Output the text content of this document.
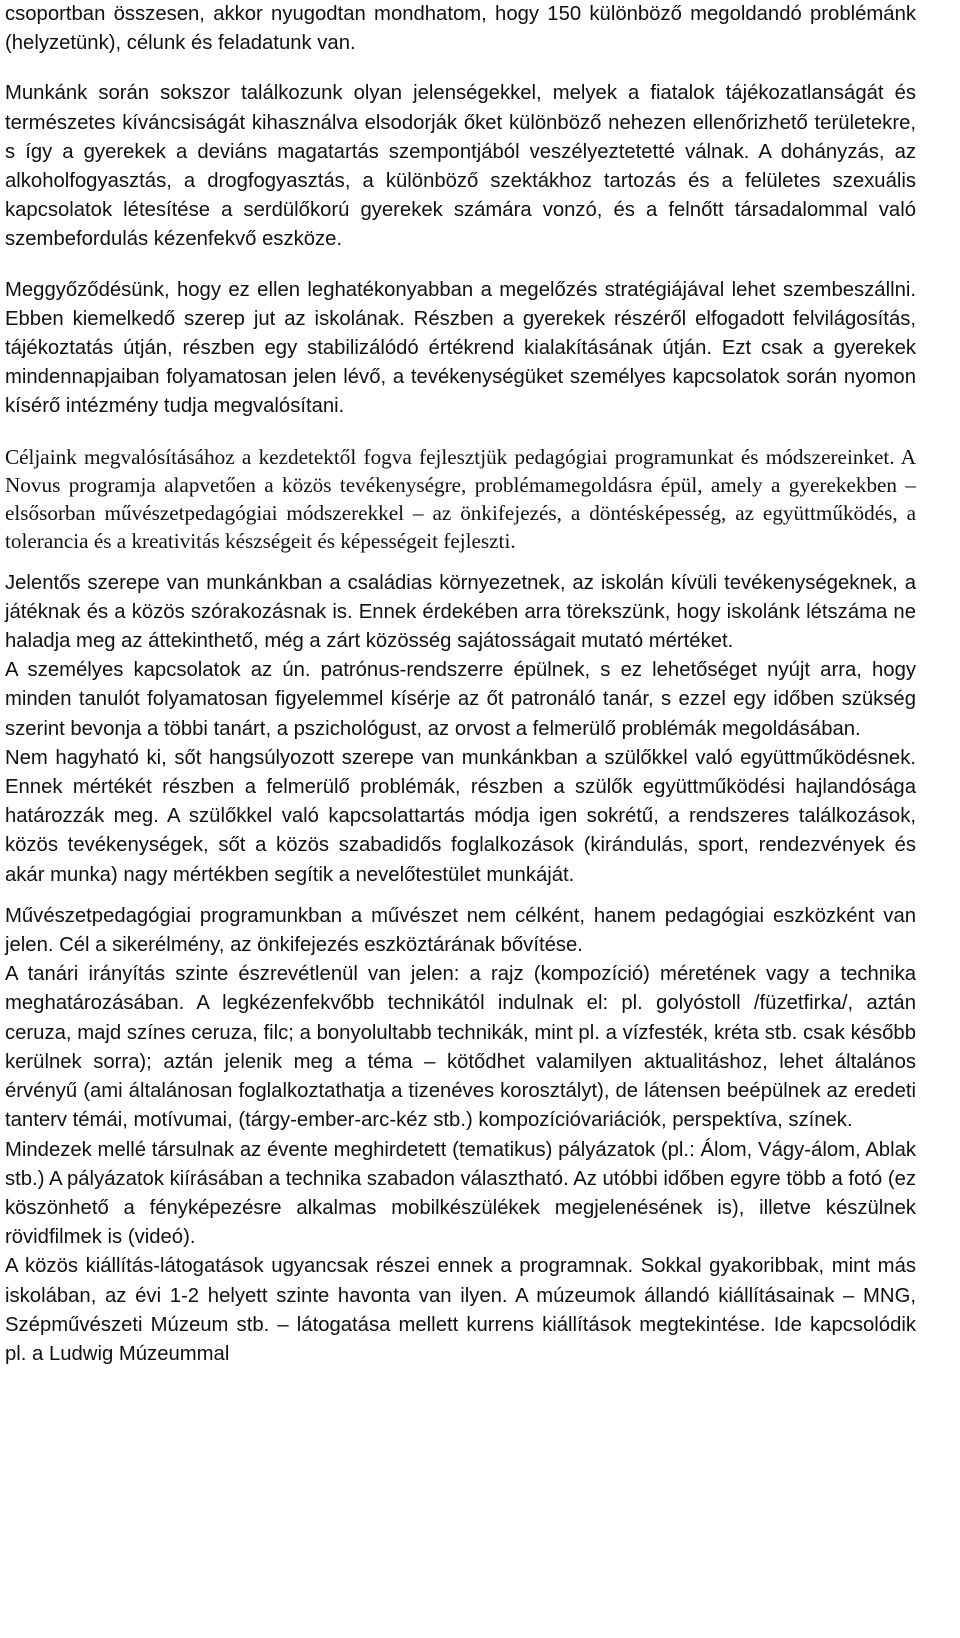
csoportban összesen, akkor nyugodtan mondhatom, hogy 150 különböző megoldandó problémánk (helyzetünk), célunk és feladatunk van.

Munkánk során sokszor találkozunk olyan jelenségekkel, melyek a fiatalok tájékozatlanságát és természetes kíváncsiságát kihasználva elsodorják őket különböző nehezen ellenőrizhető területekre, s így a gyerekek a deviáns magatartás szempontjából veszélyeztetetté válnak. A dohányzás, az alkoholfogyasztás, a drogfogyasztás, a különböző szektákhoz tartozás és a felületes szexuális kapcsolatok létesítése a serdülőkorú gyerekek számára vonzó, és a felnőtt társadalommal való szembefordulás kézenfekvő eszköze.

Meggyőződésünk, hogy ez ellen leghatékonyabban a megelőzés stratégiájával lehet szembeszállni. Ebben kiemelkedő szerep jut az iskolának. Részben a gyerekek részéről elfogadott felvilágosítás, tájékoztatás útján, részben egy stabilizálódó értékrend kialakításának útján. Ezt csak a gyerekek mindennapjaiban folyamatosan jelen lévő, a tevékenységüket személyes kapcsolatok során nyomon kísérő intézmény tudja megvalósítani.

Céljaink megvalósításához a kezdetektől fogva fejlesztjük pedagógiai programunkat és módszereinket. A Novus programja alapvetően a közös tevékenységre, problémamegoldásra épül, amely a gyerekekben – elsősorban művészetpedagógiai módszerekkel – az önkifejezés, a döntésképesség, az együttműködés, a tolerancia és a kreativitás készségeit és képességeit fejleszti.

Jelentős szerepe van munkánkban a családias környezetnek, az iskolán kívüli tevékenységeknek, a játéknak és a közös szórakozásnak is. Ennek érdekében arra törekszünk, hogy iskolánk létszáma ne haladja meg az áttekinthető, még a zárt közösség sajátosságait mutató mértéket.

A személyes kapcsolatok az ún. patrónus-rendszerre épülnek, s ez lehetőséget nyújt arra, hogy minden tanulót folyamatosan figyelemmel kísérje az őt patronáló tanár, s ezzel egy időben szükség szerint bevonja a többi tanárt, a pszichológust, az orvost a felmerülő problémák megoldásában.

Nem hagyható ki, sőt hangsúlyozott szerepe van munkánkban a szülőkkel való együttműködésnek. Ennek mértékét részben a felmerülő problémák, részben a szülők együttműködési hajlandósága határozzák meg. A szülőkkel való kapcsolattartás módja igen sokrétű, a rendszeres találkozások, közös tevékenységek, sőt a közös szabadidős foglalkozások (kirándulás, sport, rendezvények és akár munka) nagy mértékben segítik a nevelőtestület munkáját.

Művészetpedagógiai programunkban a művészet nem célként, hanem pedagógiai eszközként van jelen. Cél a sikerélmény, az önkifejezés eszköztárának bővítése.

A tanári irányítás szinte észrevétlenül van jelen: a rajz (kompozíció) méretének vagy a technika meghatározásában. A legkézenfekvőbb technikától indulnak el: pl. golyóstoll /füzetfirka/, aztán ceruza, majd színes ceruza, filc; a bonyolultabb technikák, mint pl. a vízfesték, kréta stb. csak később kerülnek sorra); aztán jelenik meg a téma – kötődhet valamilyen aktualitáshoz, lehet általános érvényű (ami általánosan foglalkoztathatja a tizenéves korosztályt), de látensen beépülnek az eredeti tanterv témái, motívumai, (tárgy-ember-arc-kéz stb.) kompozícióvariációk, perspektíva, színek.

Mindezek mellé társulnak az évente meghirdetett (tematikus) pályázatok (pl.: Álom, Vágy-álom, Ablak stb.) A pályázatok kiírásában a technika szabadon választható. Az utóbbi időben egyre több a fotó (ez köszönhető a fényképezésre alkalmas mobilkészülékek megjelenésének is), illetve készülnek rövidfilmek is (videó).

A közös kiállítás-látogatások ugyancsak részei ennek a programnak. Sokkal gyakoribbak, mint más iskolában, az évi 1-2 helyett szinte havonta van ilyen. A múzeumok állandó kiállításainak – MNG, Szépművészeti Múzeum stb. – látogatása mellett kurrens kiállítások megtekintése. Ide kapcsolódik pl. a Ludwig Múzeummal
